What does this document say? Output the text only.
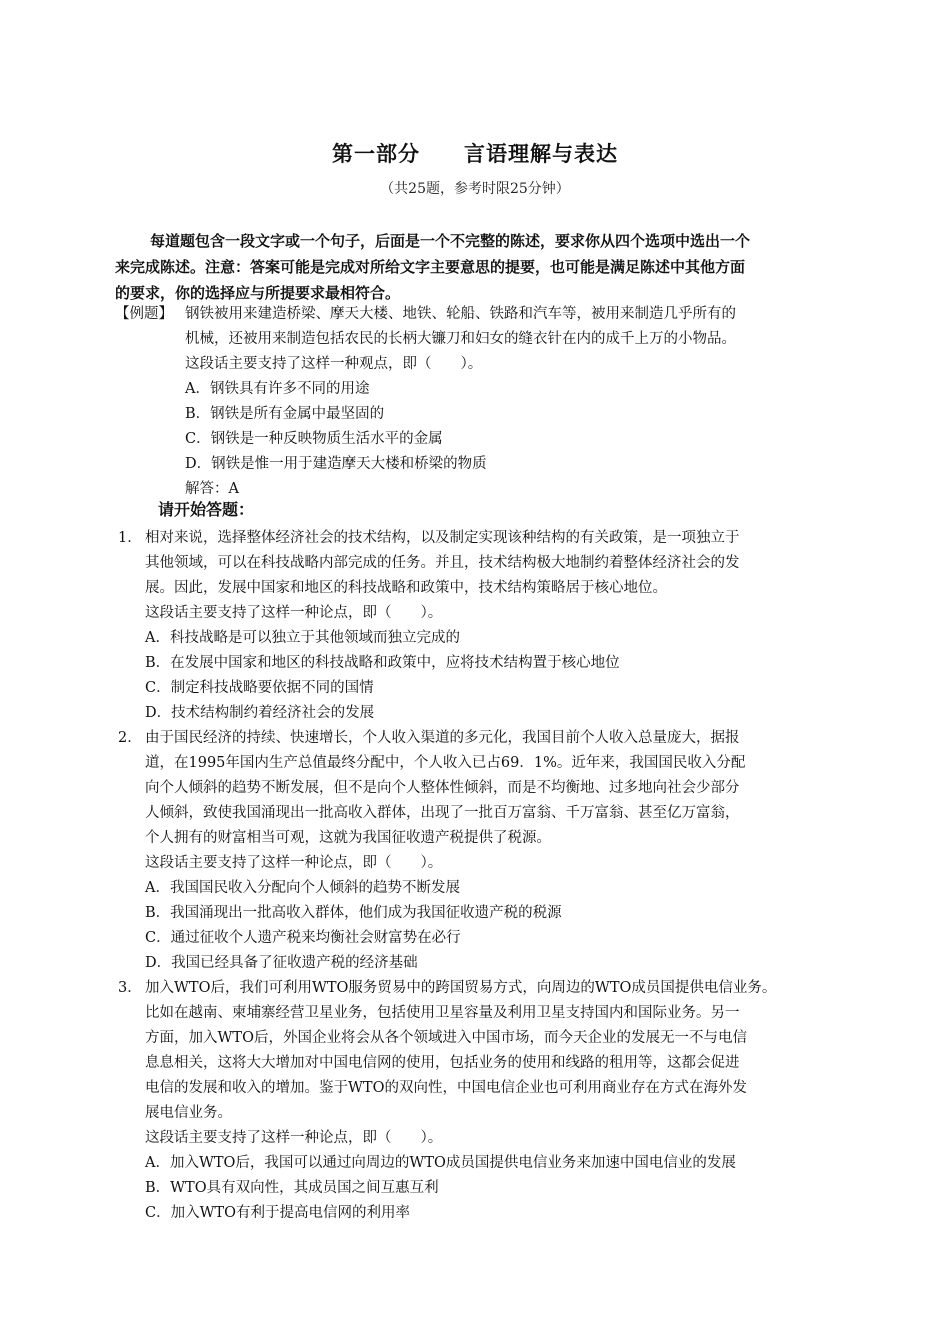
第一部分　　言语理解与表达
（共25题，参考时限25分钟）
每道题包含一段文字或一个句子，后面是一个不完整的陈述，要求你从四个选项中选出一个
来完成陈述。注意：答案可能是完成对所给文字主要意思的提要，也可能是满足陈述中其他方面
的要求，你的选择应与所提要求最相符合。
【例题】 钢铁被用来建造桥梁、摩天大楼、地铁、轮船、铁路和汽车等，被用来制造几乎所有的
机械，还被用来制造包括农民的长柄大镰刀和妇女的缝衣针在内的成千上万的小物品。
这段话主要支持了这样一种观点，即（　　）。
A．钢铁具有许多不同的用途
B．钢铁是所有金属中最坚固的
C．钢铁是一种反映物质生活水平的金属
D．钢铁是惟一用于建造摩天大楼和桥梁的物质
解答：A
请开始答题：
1． 相对来说，选择整体经济社会的技术结构，以及制定实现该种结构的有关政策，是一项独立于
其他领域，可以在科技战略内部完成的任务。并且，技术结构极大地制约着整体经济社会的发
展。因此，发展中国家和地区的科技战略和政策中，技术结构策略居于核心地位。
这段话主要支持了这样一种论点，即（　　）。
A．科技战略是可以独立于其他领域而独立完成的
B．在发展中国家和地区的科技战略和政策中，应将技术结构置于核心地位
C．制定科技战略要依据不同的国情
D．技术结构制约着经济社会的发展
2． 由于国民经济的持续、快速增长，个人收入渠道的多元化，我国目前个人收入总量庞大，据报
道，在1995年国内生产总值最终分配中，个人收入已占69．1%。近年来，我国国民收入分配
向个人倾斜的趋势不断发展，但不是向个人整体性倾斜，而是不均衡地、过多地向社会少部分
人倾斜，致使我国涌现出一批高收入群体，出现了一批百万富翁、千万富翁、甚至亿万富翁，
个人拥有的财富相当可观，这就为我国征收遗产税提供了税源。
这段话主要支持了这样一种论点，即（　　）。
A．我国国民收入分配向个人倾斜的趋势不断发展
B．我国涌现出一批高收入群体，他们成为我国征收遗产税的税源
C．通过征收个人遗产税来均衡社会财富势在必行
D．我国已经具备了征收遗产税的经济基础
3． 加入WTO后，我们可利用WTO服务贸易中的跨国贸易方式，向周边的WTO成员国提供电信业务。
比如在越南、柬埔寨经营卫星业务，包括使用卫星容量及利用卫星支持国内和国际业务。另一
方面，加入WTO后，外国企业将会从各个领域进入中国市场，而今天企业的发展无一不与电信
息息相关，这将大大增加对中国电信网的使用，包括业务的使用和线路的租用等，这都会促进
电信的发展和收入的增加。鉴于WTO的双向性，中国电信企业也可利用商业存在方式在海外发
展电信业务。
这段话主要支持了这样一种论点，即（　　）。
A．加入WTO后，我国可以通过向周边的WTO成员国提供电信业务来加速中国电信业的发展
B．WTO具有双向性，其成员国之间互惠互利
C．加入WTO有利于提高电信网的利用率
